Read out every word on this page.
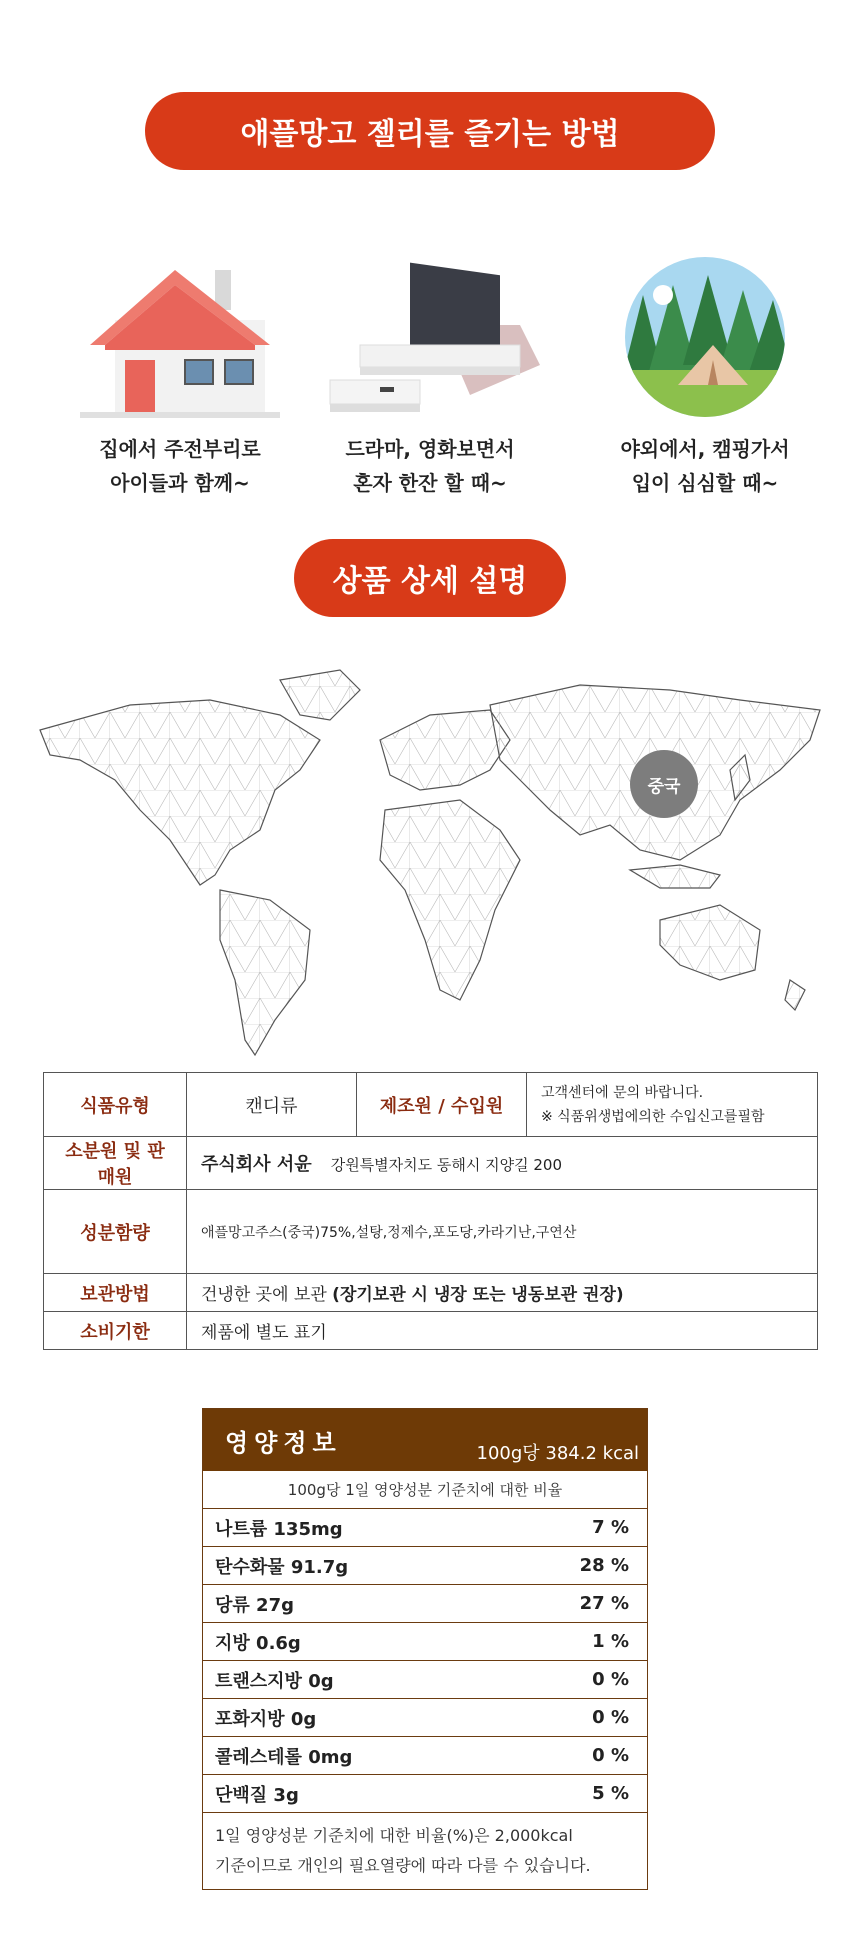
애플망고 젤리를 즐기는 방법
집에서 주전부리로
아이들과 함께~
드라마, 영화보면서
혼자 한잔 할 때~
야외에서, 캠핑가서
입이 심심할 때~
상품 상세 설명
중국
식품유형	캔디류	제조원 / 수입원	고객센터에 문의 바랍니다.
※ 식품위생법에의한 수입신고를필함

소분원 및 판매원	주식회사 서윤 강원특별자치도 동해시 지양길 200		
성분함량	애플망고주스(중국)75%,설탕,정제수,포도당,카라기난,구연산		
보관방법	건냉한 곳에 보관 (장기보관 시 냉장 또는 냉동보관 권장)		
소비기한	제품에 별도 표기		
영양정보	100g당 384.2 kcal
100g당 1일 영양성분 기준치에 대한 비율
나트륨 135mg	7 %
탄수화물 91.7g	28 %
당류 27g	27 %
지방 0.6g	1 %
트랜스지방 0g	0 %
포화지방 0g	0 %
콜레스테롤 0mg	0 %
단백질 3g	5 %
1일 영양성분 기준치에 대한 비율(%)은 2,000kcal
기준이므로 개인의 필요열량에 따라 다를 수 있습니다.
